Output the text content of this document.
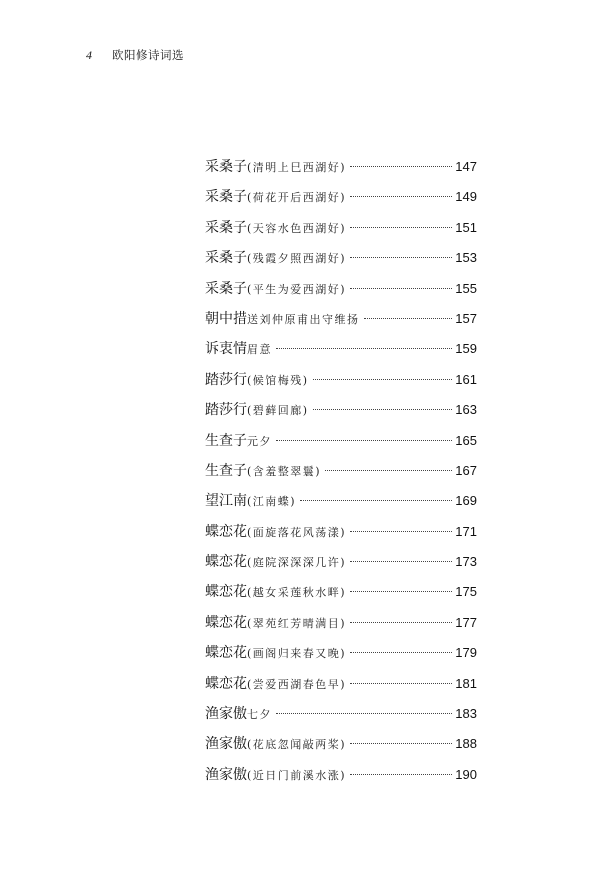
4	欧阳修诗词选
采桑子 (清明上巳西湖好)	147
采桑子 (荷花开后西湖好)	149
采桑子 (天容水色西湖好)	151
采桑子 (残霞夕照西湖好)	153
采桑子 (平生为爱西湖好)	155
朝中措 送刘仲原甫出守维扬	157
诉衷情 眉意	159
踏莎行 (候馆梅残)	161
踏莎行 (碧藓回廊)	163
生查子 元夕	165
生查子 (含羞整翠鬟)	167
望江南 (江南蝶)	169
蝶恋花 (面旋落花风荡漾)	171
蝶恋花 (庭院深深深几许)	173
蝶恋花 (越女采莲秋水畔)	175
蝶恋花 (翠苑红芳晴满目)	177
蝶恋花 (画阁归来春又晚)	179
蝶恋花 (尝爱西湖春色早)	181
渔家傲 七夕	183
渔家傲 (花底忽闻敲两桨)	188
渔家傲 (近日门前溪水涨)	190
